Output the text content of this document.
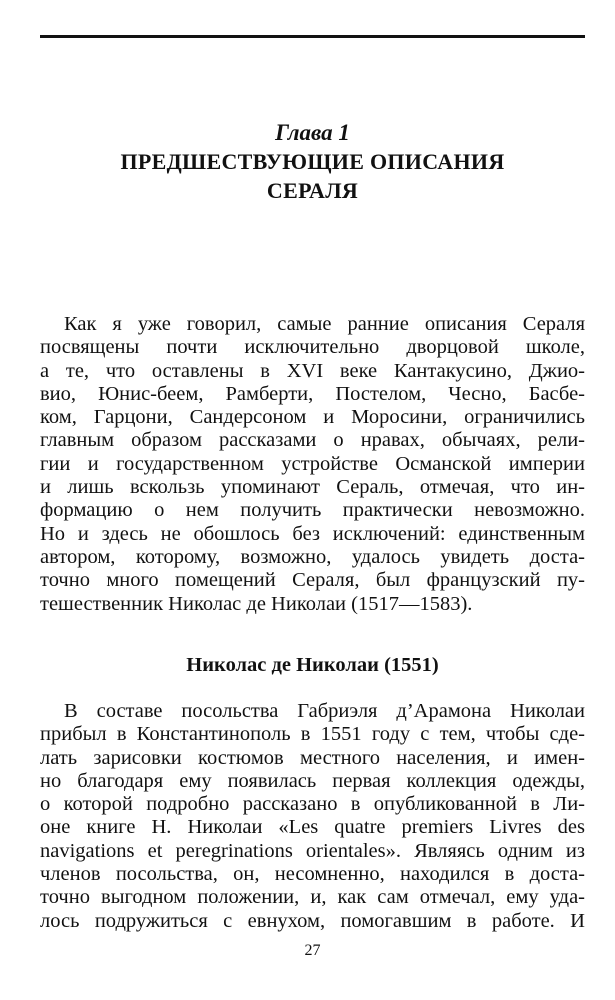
Глава 1
ПРЕДШЕСТВУЮЩИЕ ОПИСАНИЯ
СЕРАЛЯ
Как я уже говорил, самые ранние описания Сераля
посвящены почти исключительно дворцовой школе,
а те, что оставлены в XVI веке Кантакусино, Джио-
вио, Юнис-беем, Рамберти, Постелом, Чесно, Басбе-
ком, Гарцони, Сандерсоном и Моросини, ограничились
главным образом рассказами о нравах, обычаях, рели-
гии и государственном устройстве Османской империи
и лишь вскользь упоминают Сераль, отмечая, что ин-
формацию о нем получить практически невозможно.
Но и здесь не обошлось без исключений: единственным
автором, которому, возможно, удалось увидеть доста-
точно много помещений Сераля, был французский пу-
тешественник Николас де Николаи (1517—1583).
Николас де Николаи (1551)
В составе посольства Габриэля д’Арамона Николаи
прибыл в Константинополь в 1551 году с тем, чтобы сде-
лать зарисовки костюмов местного населения, и имен-
но благодаря ему появилась первая коллекция одежды,
о которой подробно рассказано в опубликованной в Ли-
оне книге Н. Николаи «Les quatre premiers Livres des
navigations et peregrinations orientales». Являясь одним из
членов посольства, он, несомненно, находился в доста-
точно выгодном положении, и, как сам отмечал, ему уда-
лось подружиться с евнухом, помогавшим в работе. И
27
